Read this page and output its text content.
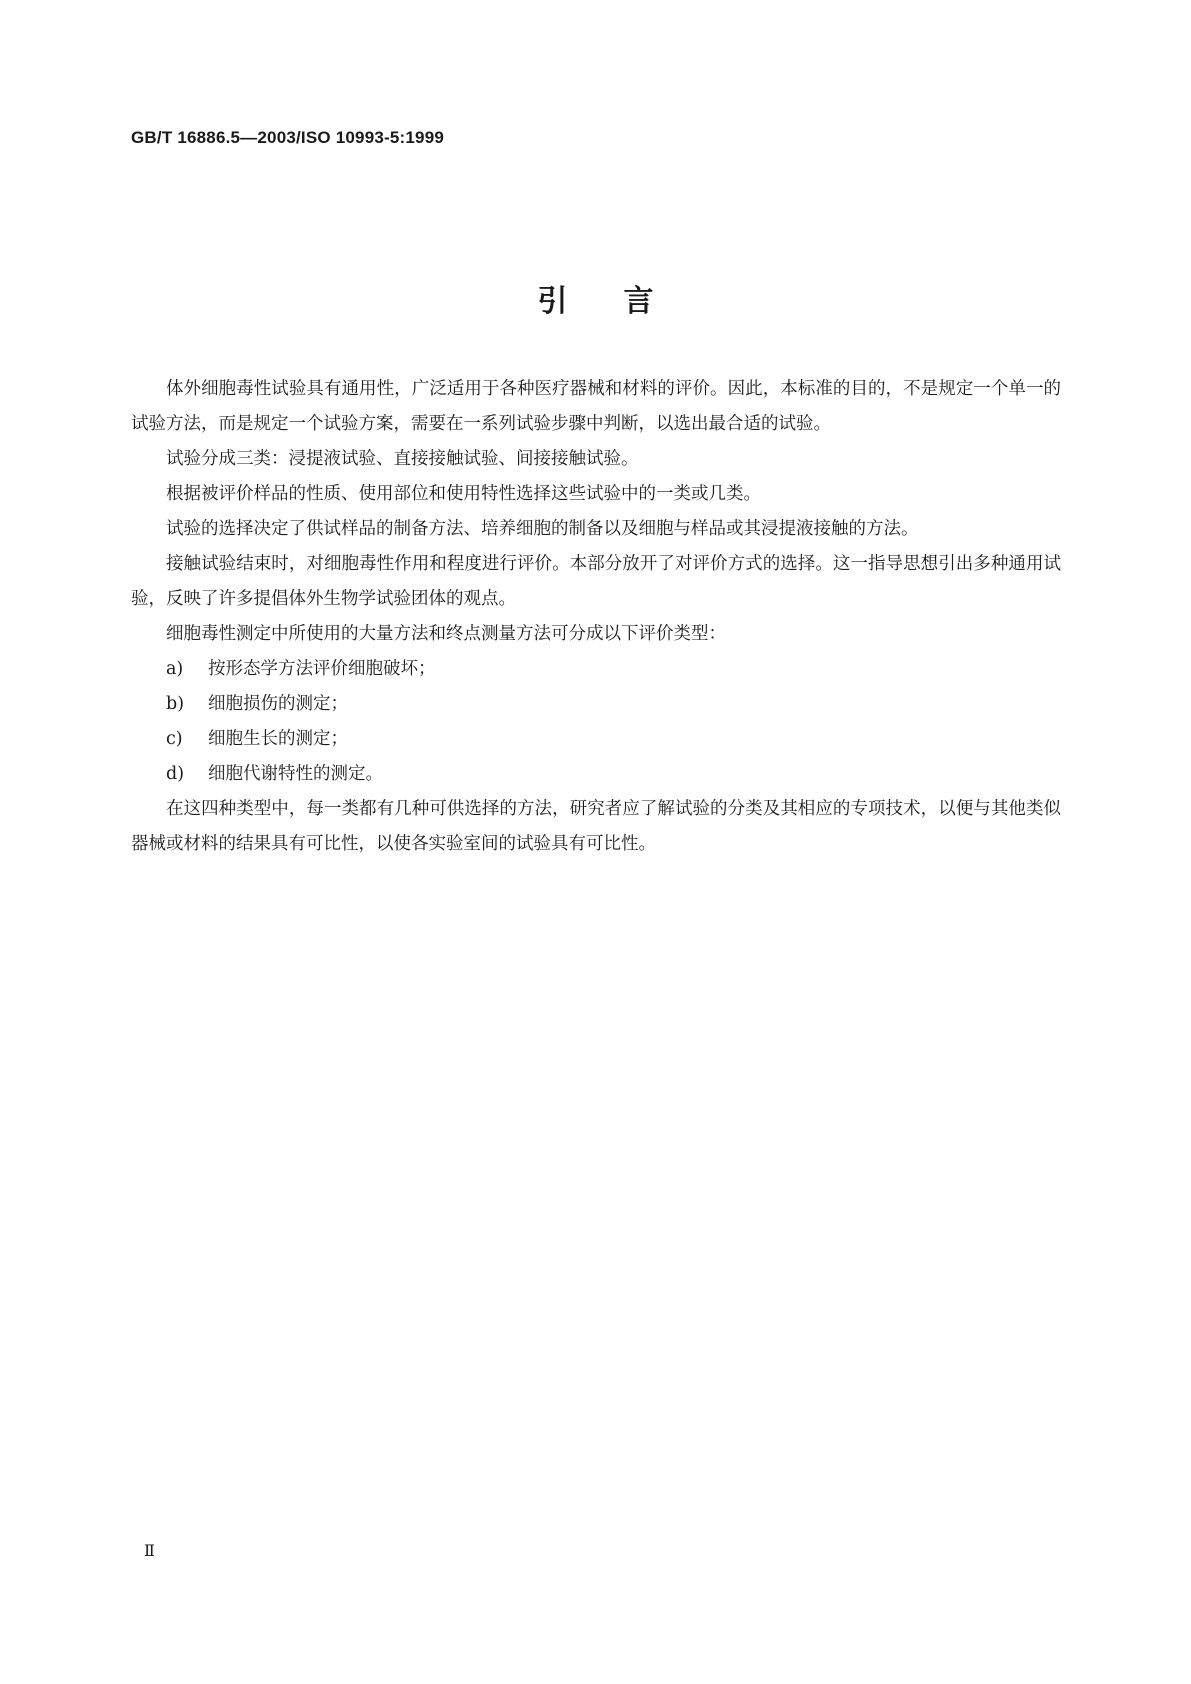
GB/T 16886.5—2003/ISO 10993-5:1999
引言

体外细胞毒性试验具有通用性，广泛适用于各种医疗器械和材料的评价。因此，本标准的目的，不是规定一个单一的试验方法，而是规定一个试验方案，需要在一系列试验步骤中判断，以选出最合适的试验。

试验分成三类：浸提液试验、直接接触试验、间接接触试验。

根据被评价样品的性质、使用部位和使用特性选择这些试验中的一类或几类。

试验的选择决定了供试样品的制备方法、培养细胞的制备以及细胞与样品或其浸提液接触的方法。

接触试验结束时，对细胞毒性作用和程度进行评价。本部分放开了对评价方式的选择。这一指导思想引出多种通用试验，反映了许多提倡体外生物学试验团体的观点。

细胞毒性测定中所使用的大量方法和终点测量方法可分成以下评价类型：

a) 按形态学方法评价细胞破坏；
b) 细胞损伤的测定；
c) 细胞生长的测定；
d) 细胞代谢特性的测定。

在这四种类型中，每一类都有几种可供选择的方法，研究者应了解试验的分类及其相应的专项技术，以便与其他类似器械或材料的结果具有可比性，以使各实验室间的试验具有可比性。

Ⅱ
